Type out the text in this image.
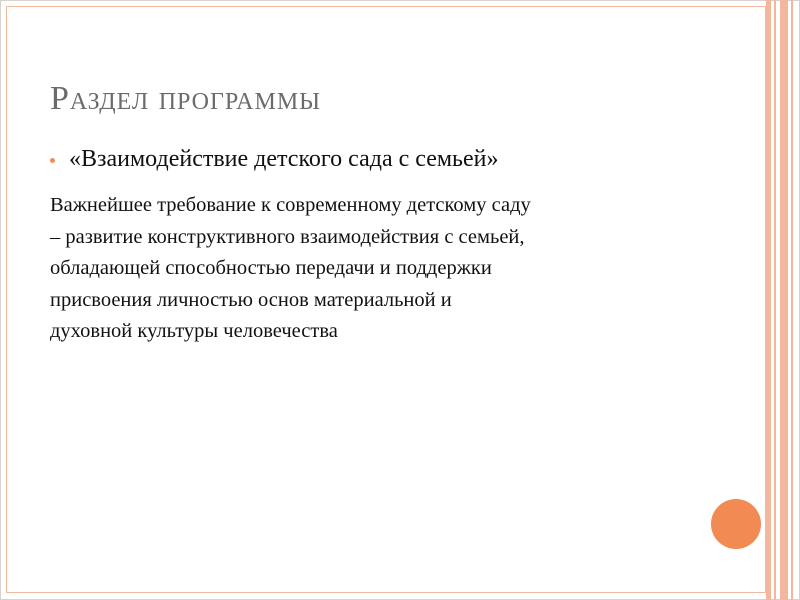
Раздел программы
«Взаимодействие детского сада с семьей»
Важнейшее требование к современному детскому саду
– развитие конструктивного взаимодействия с семьей,
обладающей способностью передачи и поддержки
присвоения личностью основ материальной и
духовной культуры человечества
